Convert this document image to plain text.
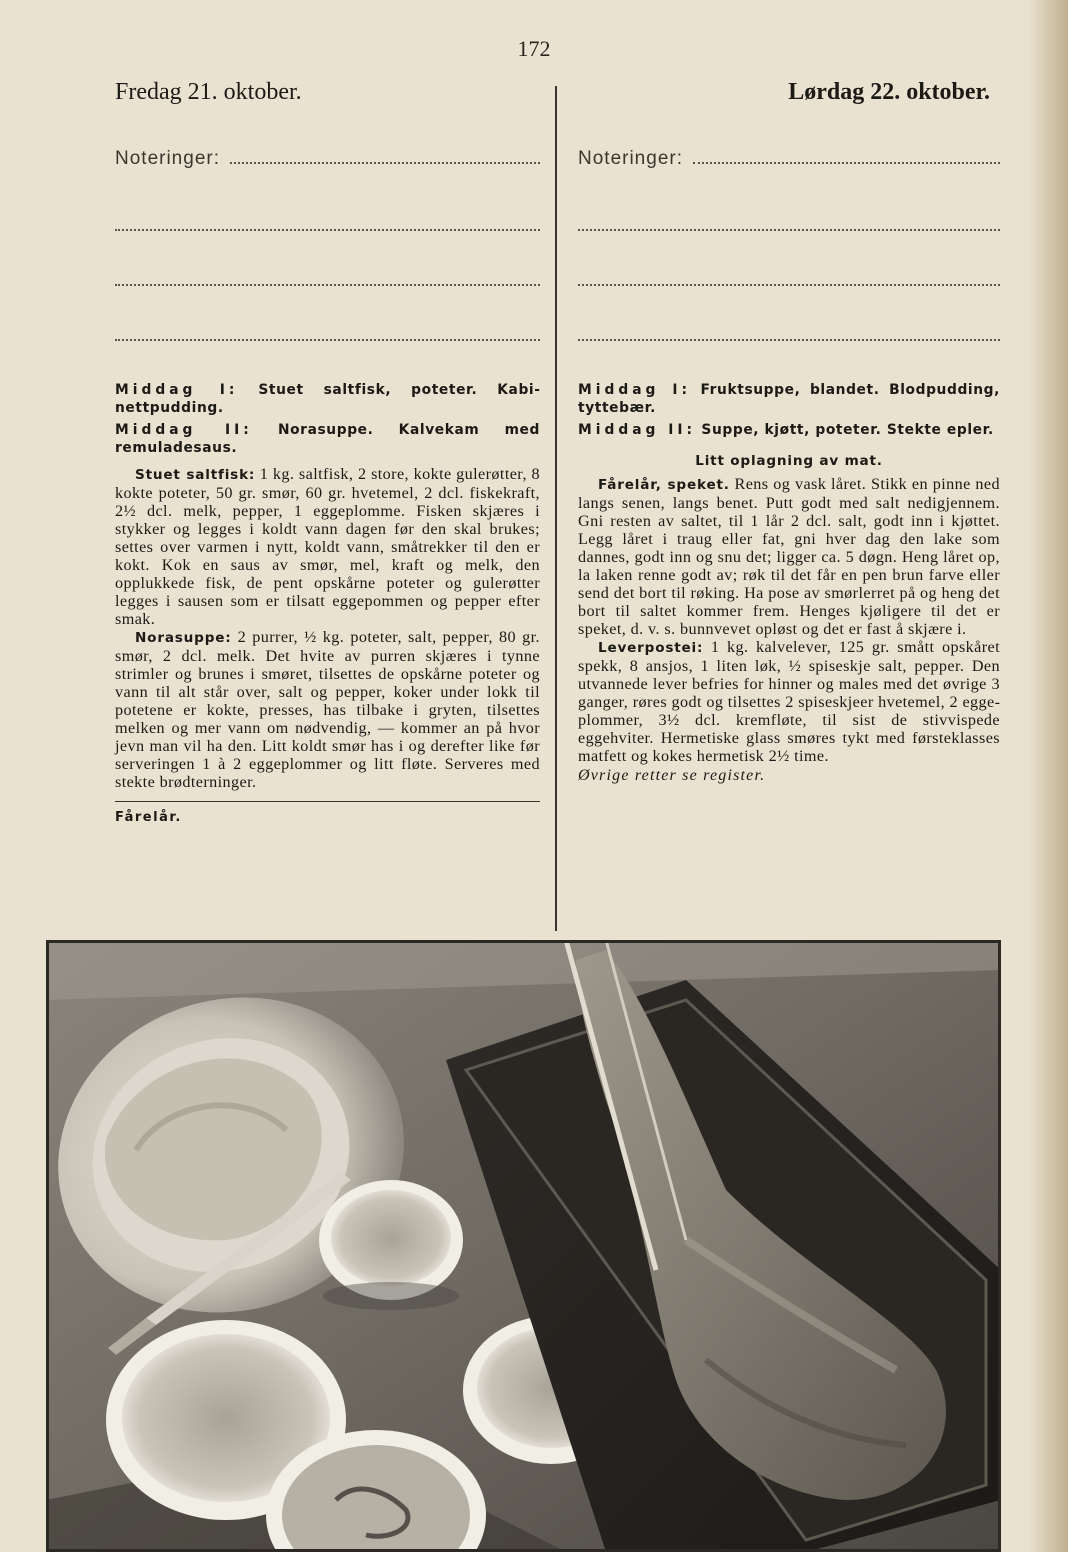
172
Fredag 21. oktober.
Noteringer:

Middag I: Stuet saltfisk, poteter. Kabinettpudding.

Middag II: Norasuppe. Kalvekam med remuladesaus.

Stuet saltfisk: 1 kg. saltfisk, 2 store, kokte gulerøtter, 8 kokte poteter, 50 gr. smør, 60 gr. hvetemel, 2 dcl. fiskekraft, 2½ dcl. melk, pepper, 1 eggeplomme. Fisken skjæres i stykker og legges i koldt vann dagen før den skal brukes; settes over varmen i nytt, koldt vann, småtrekker til den er kokt. Kok en saus av smør, mel, kraft og melk, den opplukkede fisk, de pent opskårne poteter og gulerøtter legges i sausen som er tilsatt eggepommen og pepper efter smak.

Norasuppe: 2 purrer, ½ kg. poteter, salt, pepper, 80 gr. smør, 2 dcl. melk. Det hvite av purren skjæres i tynne strimler og brunes i smøret, tilsettes de opskårne poteter og vann til alt står over, salt og pepper, koker under lokk til potetene er kokte, presses, has tilbake i gryten, tilsettes melken og mer vann om nødvendig, — kommer an på hvor jevn man vil ha den. Litt koldt smør has i og derefter like før serveringen 1 à 2 eggeplommer og litt fløte. Serveres med stekte brødterninger.

Fårelår.

Lørdag 22. oktober.
Noteringer:

Middag I: Fruktsuppe, blandet. Blodpudding, tyttebær.

Middag II: Suppe, kjøtt, poteter. Stekte epler.

Litt oplagning av mat.

Fårelår, speket. Rens og vask låret. Stikk en pinne ned langs senen, langs benet. Putt godt med salt nedigjennem. Gni resten av saltet, til 1 lår 2 dcl. salt, godt inn i kjøttet. Legg låret i traug eller fat, gni hver dag den lake som dannes, godt inn og snu det; ligger ca. 5 døgn. Heng låret op, la laken renne godt av; røk til det får en pen brun farve eller send det bort til røking. Ha pose av smørlerret på og heng det bort til saltet kommer frem. Henges kjøligere til det er speket, d. v. s. bunnvevet opløst og det er fast å skjære i.

Leverpostei: 1 kg. kalvelever, 125 gr. smått opskåret spekk, 8 ansjos, 1 liten løk, ½ spiseskje salt, pepper. Den utvannede lever befries for hinner og males med det øvrige 3 ganger, røres godt og tilsettes 2 spiseskjeer hvetemel, 2 eggeplommer, 3½ dcl. kremfløte, til sist de stivvispede eggehviter. Hermetiske glass smøres tykt med førsteklasses matfett og kokes hermetisk 2½ time.

Øvrige retter se register.
